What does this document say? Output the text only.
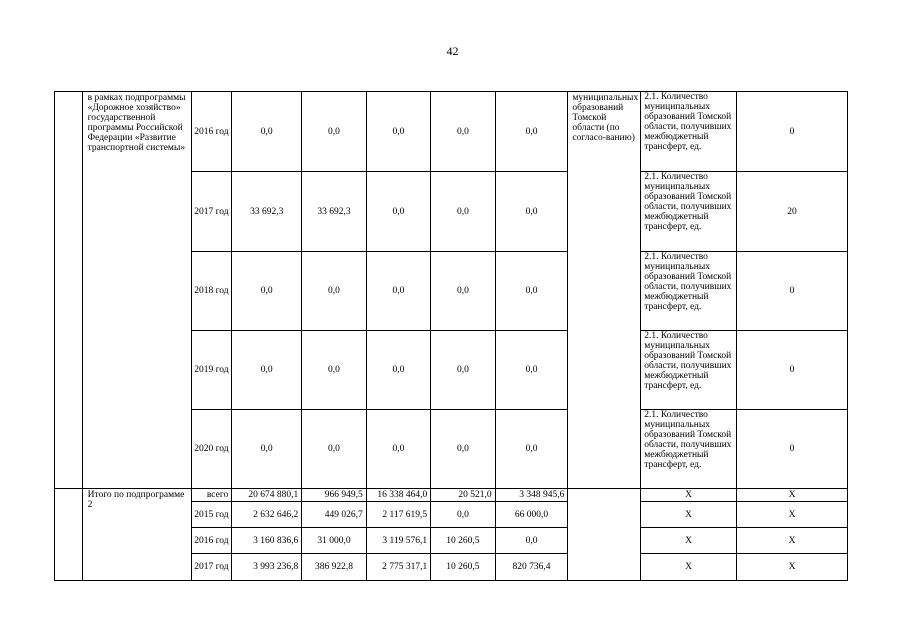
42
	в рамках подпрограммы «Дорожное хозяйство» государственной программы Российской Федерации «Развитие транспортной системы»	2016 год	0,0	0,0	0,0	0,0	0,0	муниципальных образований Томской области (по согласо-ванию)	2.1. Количество муниципальных образований Томской области, получивших межбюджетный трансферт, ед.	0
		2017 год	33 692,3	33 692,3	0,0	0,0	0,0		2.1. Количество муниципальных образований Томской области, получивших межбюджетный трансферт, ед.	20
		2018 год	0,0	0,0	0,0	0,0	0,0		2.1. Количество муниципальных образований Томской области, получивших межбюджетный трансферт, ед.	0
		2019 год	0,0	0,0	0,0	0,0	0,0		2.1. Количество муниципальных образований Томской области, получивших межбюджетный трансферт, ед.	0
		2020 год	0,0	0,0	0,0	0,0	0,0		2.1. Количество муниципальных образований Томской области, получивших межбюджетный трансферт, ед.	0
	Итого по подпрограмме 2	всего	20 674 880,1	966 949,5	16 338 464,0	20 521,0	3 348 945,6		X	X
		2015 год	2 632 646,2	449 026,7	2 117 619,5	0,0	66 000,0		X	X
		2016 год	3 160 836,6	31 000,0	3 119 576,1	10 260,5	0,0		X	X
		2017 год	3 993 236,8	386 922,8	2 775 317,1	10 260,5	820 736,4		X	X
